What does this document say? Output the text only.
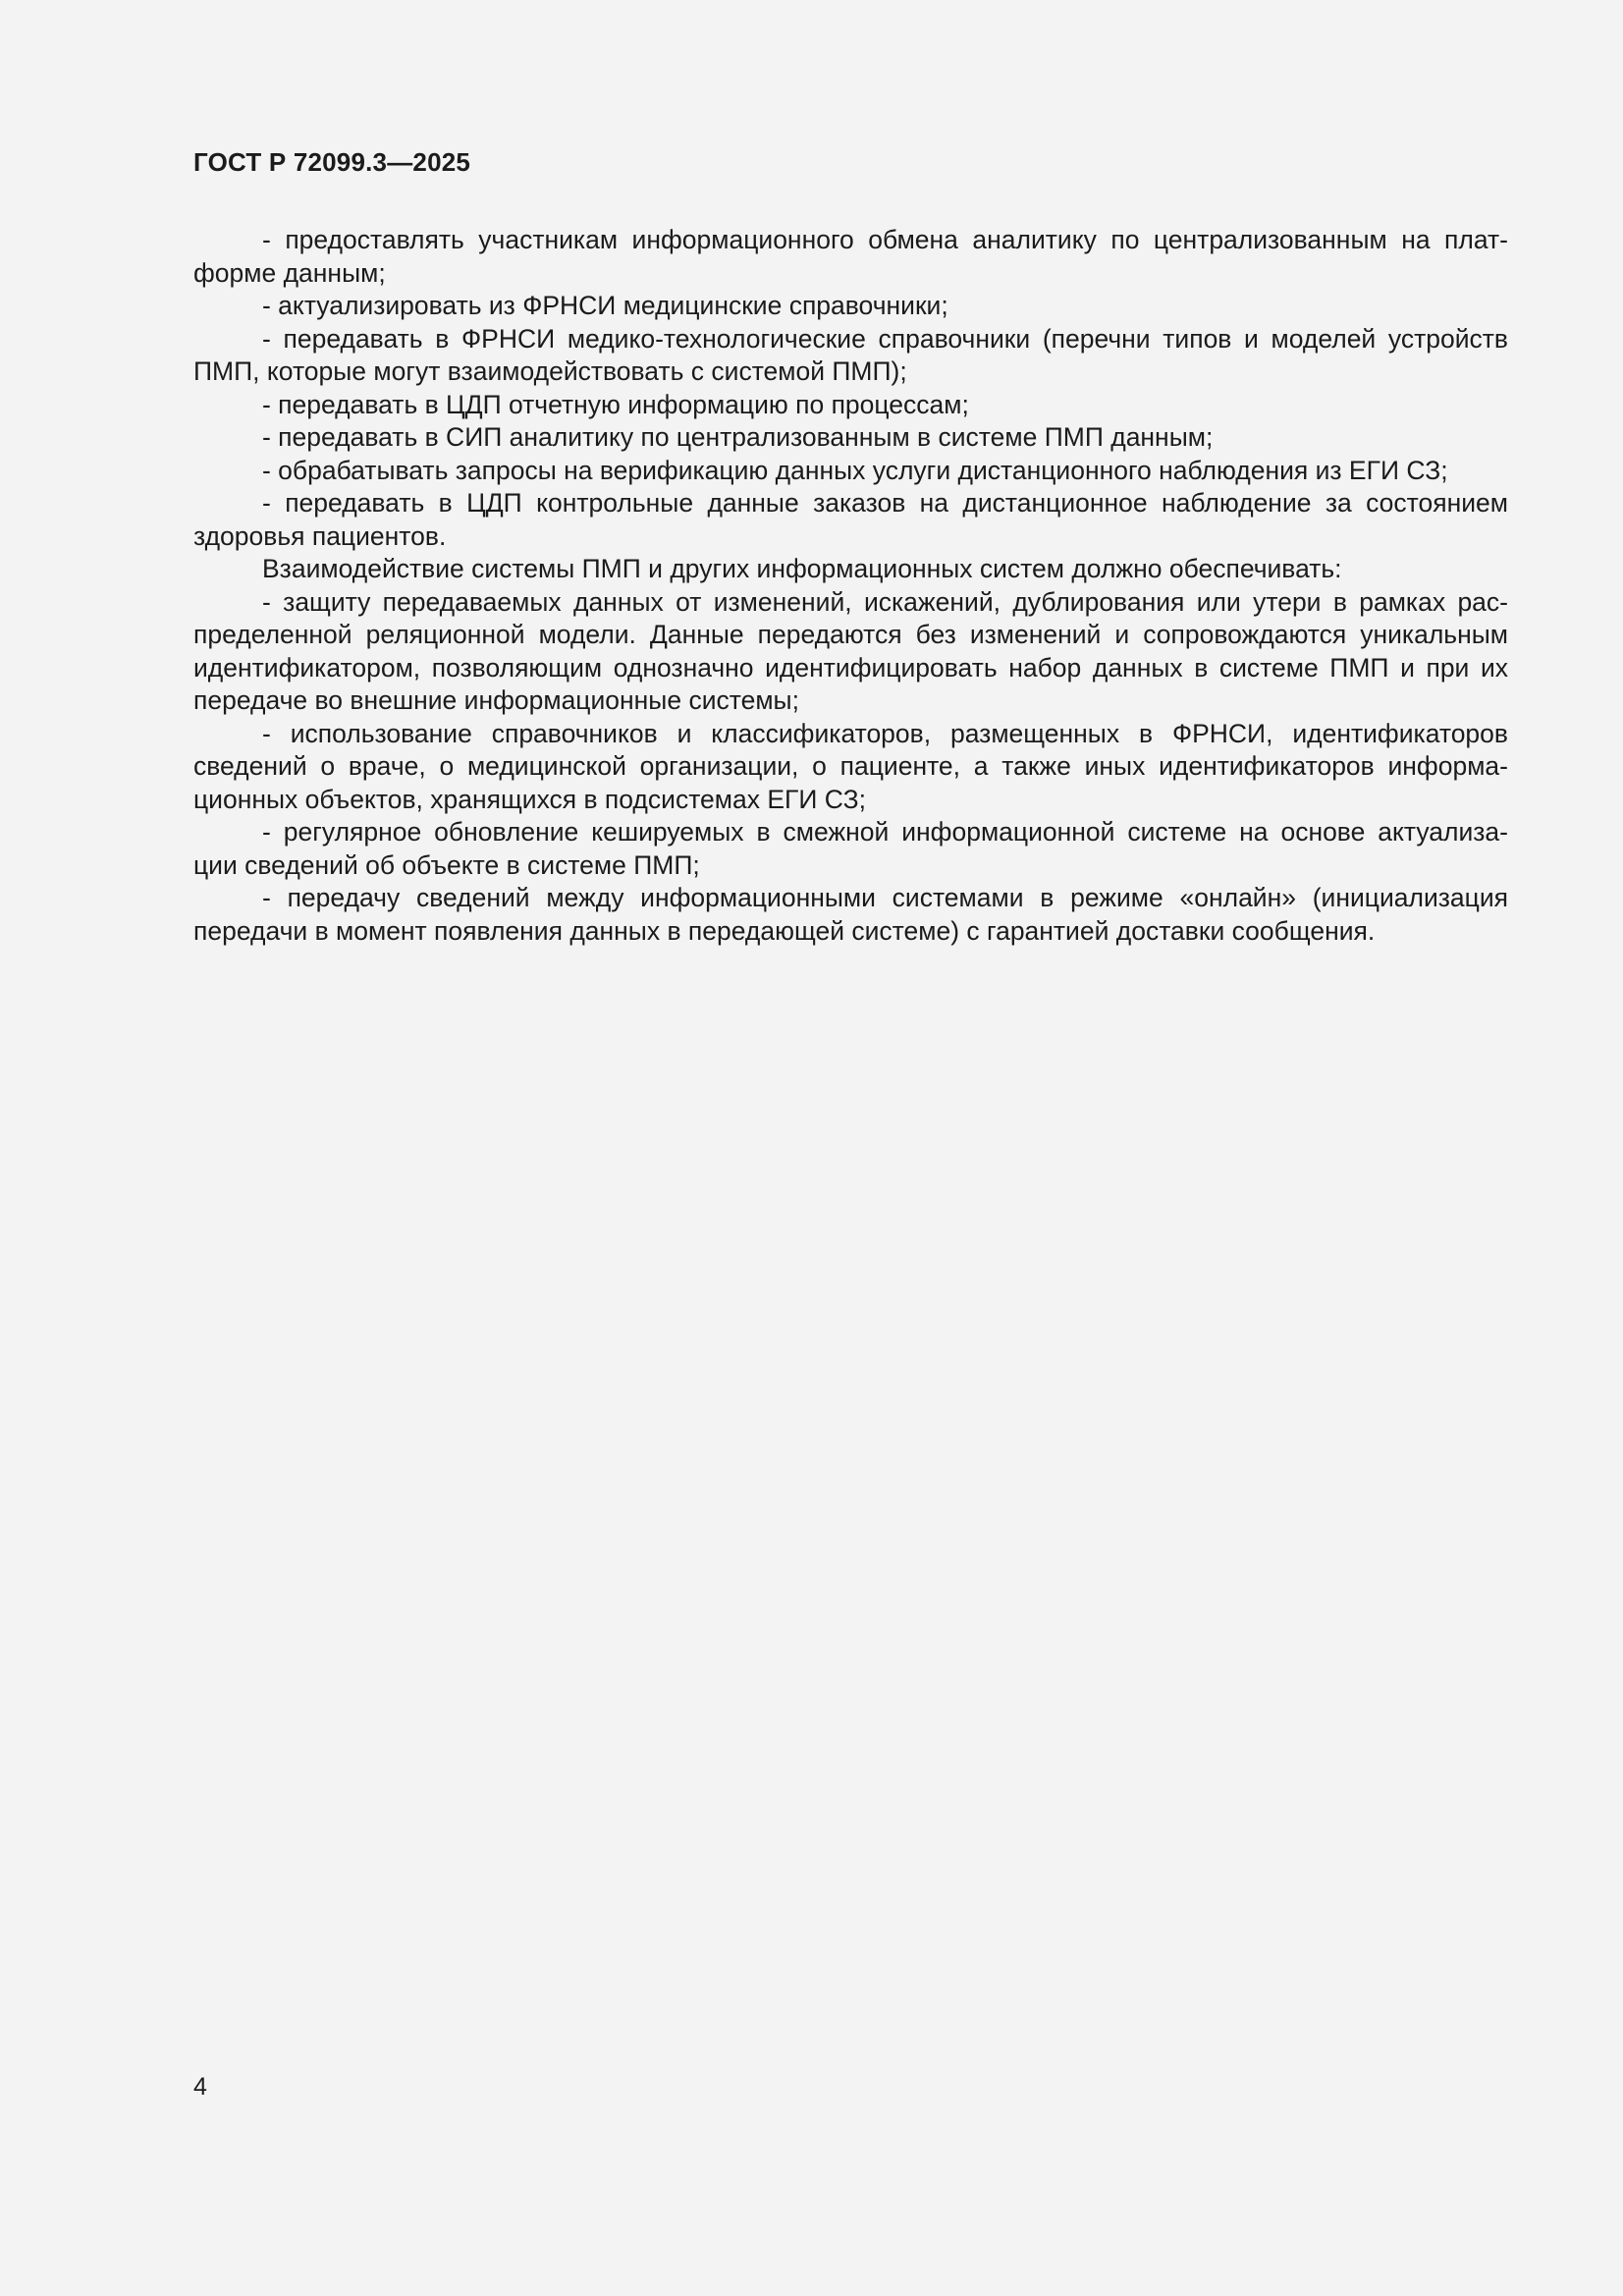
ГОСТ Р 72099.3—2025

- предоставлять участникам информационного обмена аналитику по централизованным на плат-
форме данным;

- актуализировать из ФРНСИ медицинские справочники;

- передавать в ФРНСИ медико-технологические справочники (перечни типов и моделей устройств
ПМП, которые могут взаимодействовать с системой ПМП);

- передавать в ЦДП отчетную информацию по процессам;

- передавать в СИП аналитику по централизованным в системе ПМП данным;

- обрабатывать запросы на верификацию данных услуги дистанционного наблюдения из ЕГИ СЗ;

- передавать в ЦДП контрольные данные заказов на дистанционное наблюдение за состоянием
здоровья пациентов.

Взаимодействие системы ПМП и других информационных систем должно обеспечивать:

- защиту передаваемых данных от изменений, искажений, дублирования или утери в рамках рас-
пределенной реляционной модели. Данные передаются без изменений и сопровождаются уникальным
идентификатором, позволяющим однозначно идентифицировать набор данных в системе ПМП и при их
передаче во внешние информационные системы;

- использование справочников и классификаторов, размещенных в ФРНСИ, идентификаторов
сведений о враче, о медицинской организации, о пациенте, а также иных идентификаторов информа-
ционных объектов, хранящихся в подсистемах ЕГИ СЗ;

- регулярное обновление кешируемых в смежной информационной системе на основе актуализа-
ции сведений об объекте в системе ПМП;

- передачу сведений между информационными системами в режиме «онлайн» (инициализация
передачи в момент появления данных в передающей системе) с гарантией доставки сообщения.

4
